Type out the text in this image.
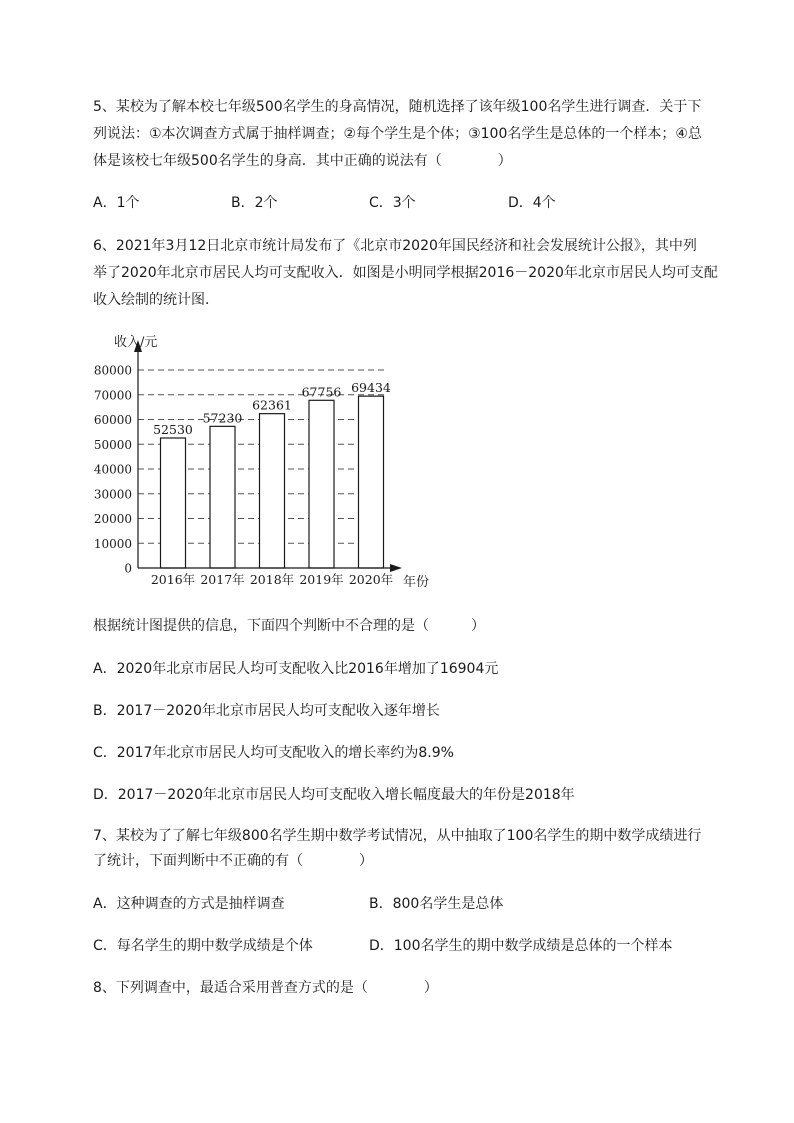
5、某校为了解本校七年级500名学生的身高情况，随机选择了该年级100名学生进行调查．关于下
列说法：①本次调查方式属于抽样调查；②每个学生是个体；③100名学生是总体的一个样本；④总
体是该校七年级500名学生的身高．其中正确的说法有（　　　　）
A．1个	B．2个	C．3个	D．4个
6、2021年3月12日北京市统计局发布了《北京市2020年国民经济和社会发展统计公报》，其中列
举了2020年北京市居民人均可支配收入．如图是小明同学根据2016－2020年北京市居民人均可支配
收入绘制的统计图．
0
10000
20000
30000
40000
50000
60000
70000
80000
2016年 2017年 2018年 2019年 2020年
52530
57230
62361
67756 69434
收入/元
年份
根据统计图提供的信息，下面四个判断中不合理的是（　　　）
A．2020年北京市居民人均可支配收入比2016年增加了16904元
B．2017－2020年北京市居民人均可支配收入逐年增长
C．2017年北京市居民人均可支配收入的增长率约为8.9%
D．2017－2020年北京市居民人均可支配收入增长幅度最大的年份是2018年
7、某校为了了解七年级800名学生期中数学考试情况，从中抽取了100名学生的期中数学成绩进行
了统计，下面判断中不正确的有（　　　　）
A．这种调查的方式是抽样调查	B．800名学生是总体
C．每名学生的期中数学成绩是个体	D．100名学生的期中数学成绩是总体的一个样本
8、下列调查中，最适合采用普查方式的是（　　　　）
